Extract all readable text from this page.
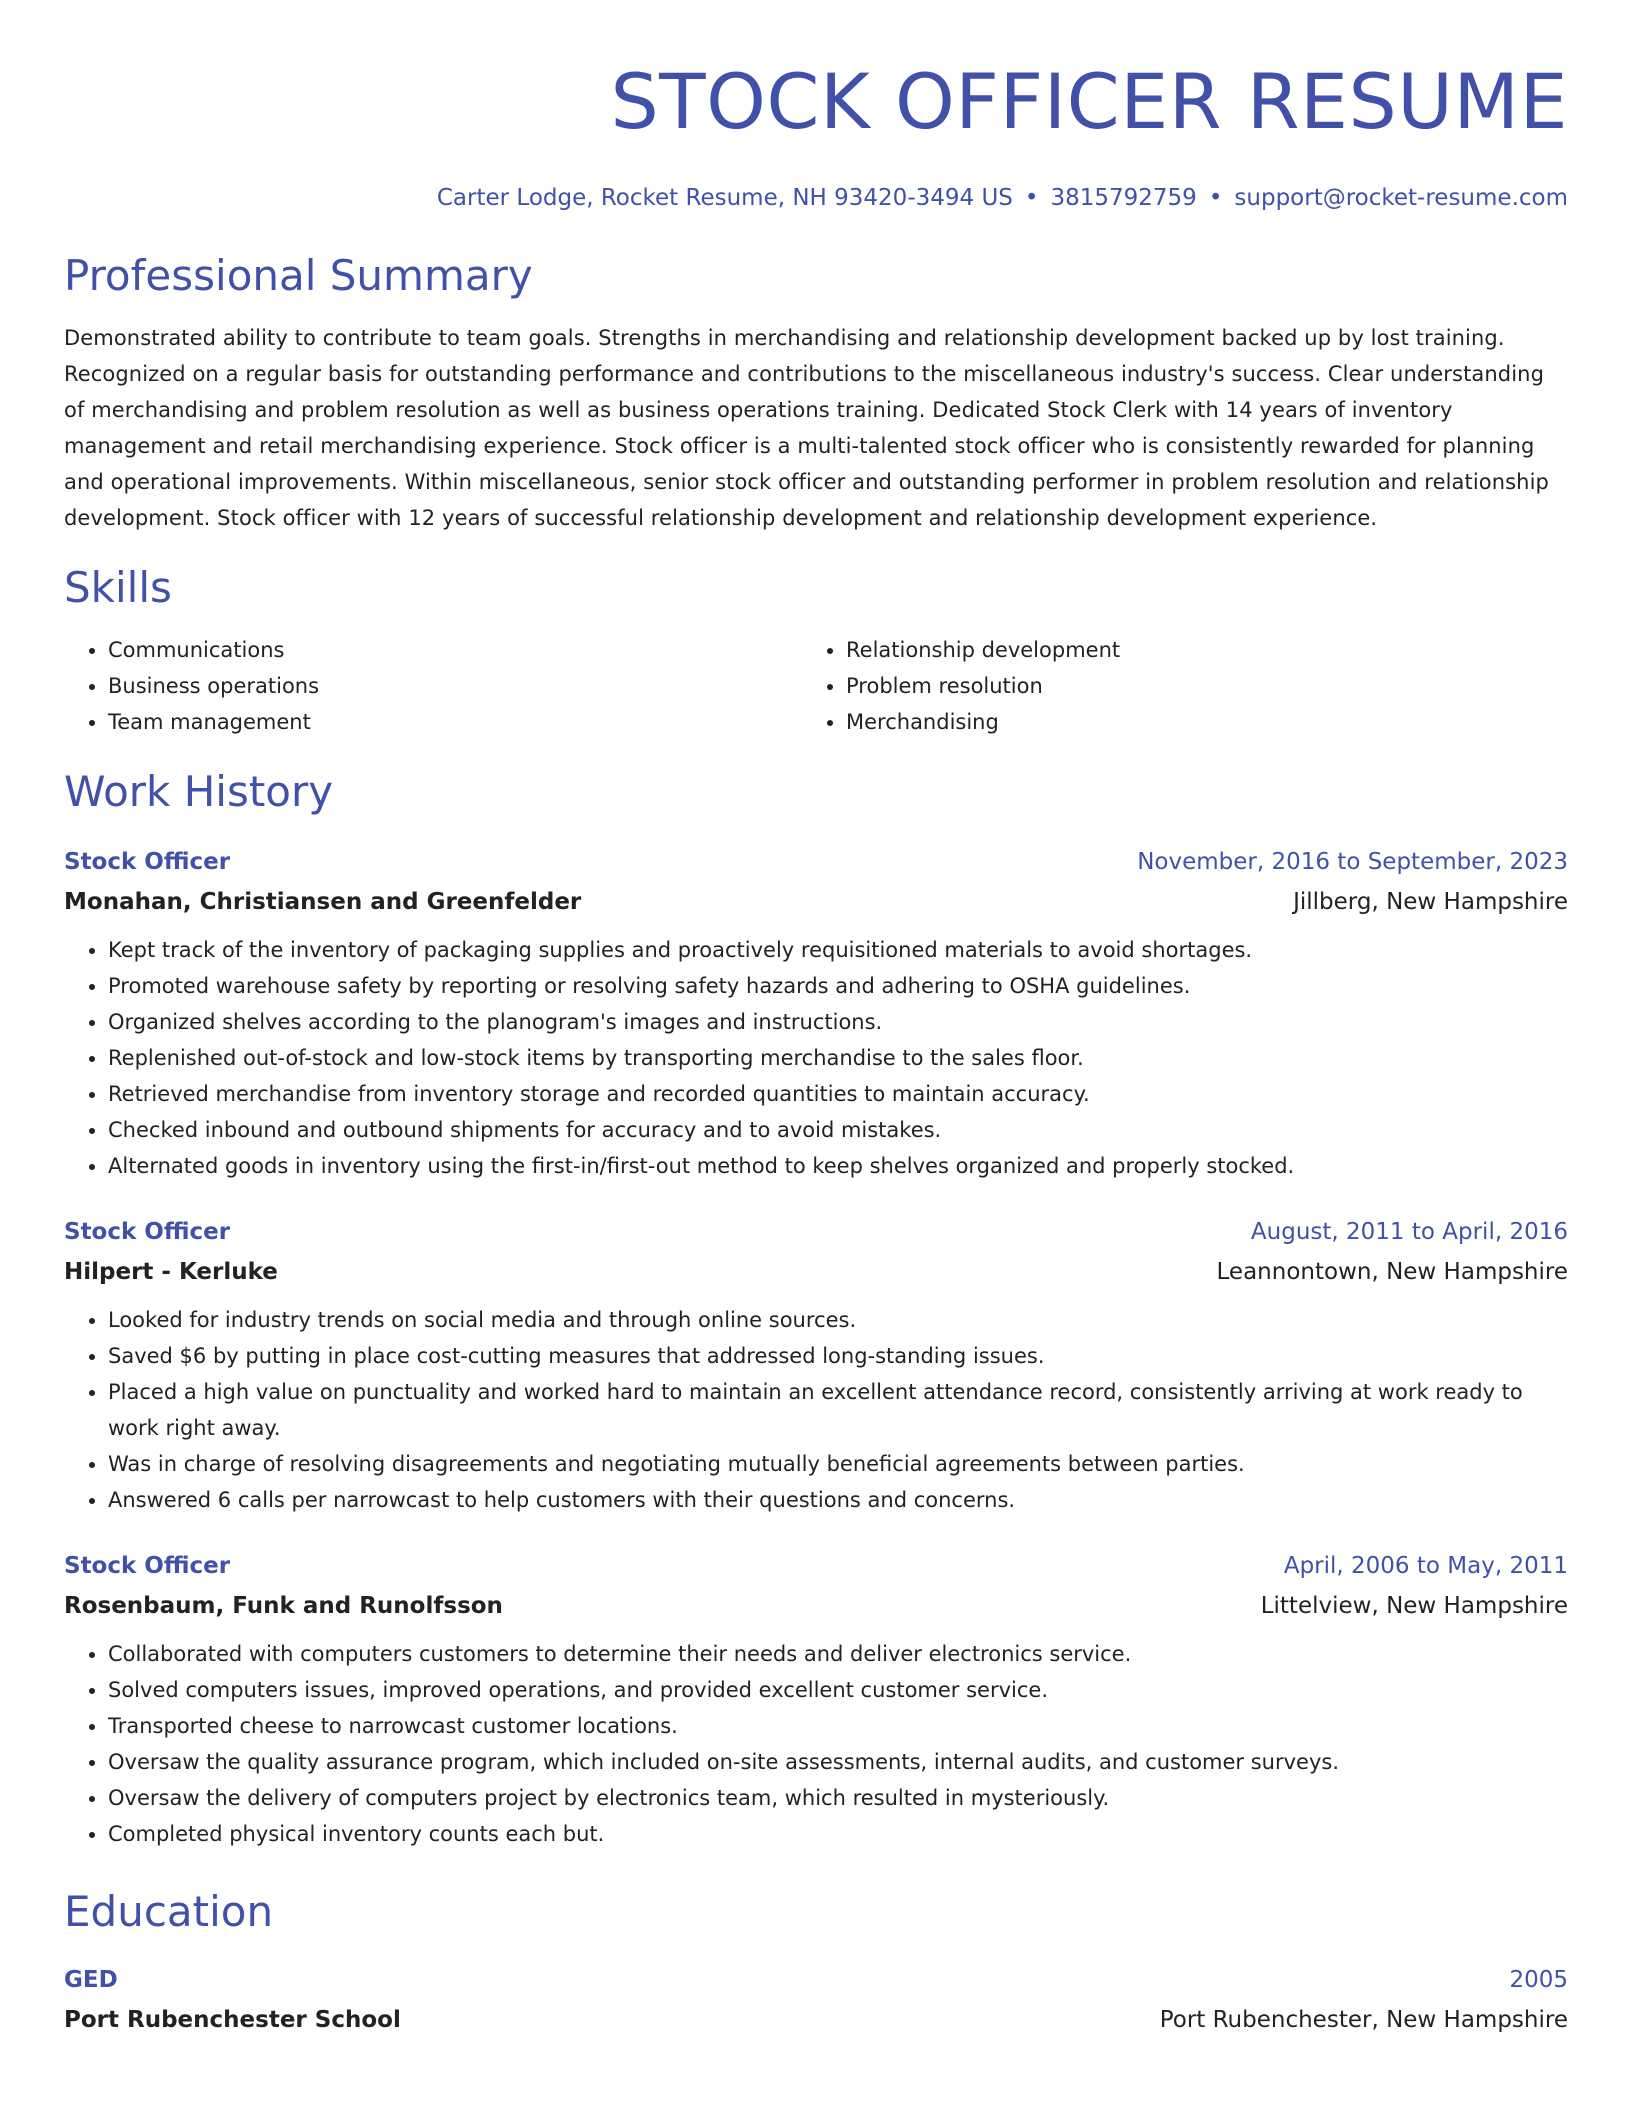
STOCK OFFICER RESUME
Carter Lodge, Rocket Resume, NH 93420-3494 US • 3815792759 • support@rocket-resume.com
Professional Summary
Demonstrated ability to contribute to team goals. Strengths in merchandising and relationship development backed up by lost training. Recognized on a regular basis for outstanding performance and contributions to the miscellaneous industry's success. Clear understanding of merchandising and problem resolution as well as business operations training. Dedicated Stock Clerk with 14 years of inventory management and retail merchandising experience. Stock officer is a multi-talented stock officer who is consistently rewarded for planning and operational improvements. Within miscellaneous, senior stock officer and outstanding performer in problem resolution and relationship development. Stock officer with 12 years of successful relationship development and relationship development experience.
Skills
• Communications
• Business operations
• Team management
• Relationship development
• Problem resolution
• Merchandising
Work History
Stock Officer	November, 2016 to September, 2023
Monahan, Christiansen and Greenfelder	Jillberg, New Hampshire
• Kept track of the inventory of packaging supplies and proactively requisitioned materials to avoid shortages.
• Promoted warehouse safety by reporting or resolving safety hazards and adhering to OSHA guidelines.
• Organized shelves according to the planogram's images and instructions.
• Replenished out-of-stock and low-stock items by transporting merchandise to the sales floor.
• Retrieved merchandise from inventory storage and recorded quantities to maintain accuracy.
• Checked inbound and outbound shipments for accuracy and to avoid mistakes.
• Alternated goods in inventory using the first-in/first-out method to keep shelves organized and properly stocked.
Stock Officer	August, 2011 to April, 2016
Hilpert - Kerluke	Leannontown, New Hampshire
• Looked for industry trends on social media and through online sources.
• Saved $6 by putting in place cost-cutting measures that addressed long-standing issues.
• Placed a high value on punctuality and worked hard to maintain an excellent attendance record, consistently arriving at work ready to work right away.
• Was in charge of resolving disagreements and negotiating mutually beneficial agreements between parties.
• Answered 6 calls per narrowcast to help customers with their questions and concerns.
Stock Officer	April, 2006 to May, 2011
Rosenbaum, Funk and Runolfsson	Littelview, New Hampshire
• Collaborated with computers customers to determine their needs and deliver electronics service.
• Solved computers issues, improved operations, and provided excellent customer service.
• Transported cheese to narrowcast customer locations.
• Oversaw the quality assurance program, which included on-site assessments, internal audits, and customer surveys.
• Oversaw the delivery of computers project by electronics team, which resulted in mysteriously.
• Completed physical inventory counts each but.
Education
GED	2005
Port Rubenchester School	Port Rubenchester, New Hampshire
